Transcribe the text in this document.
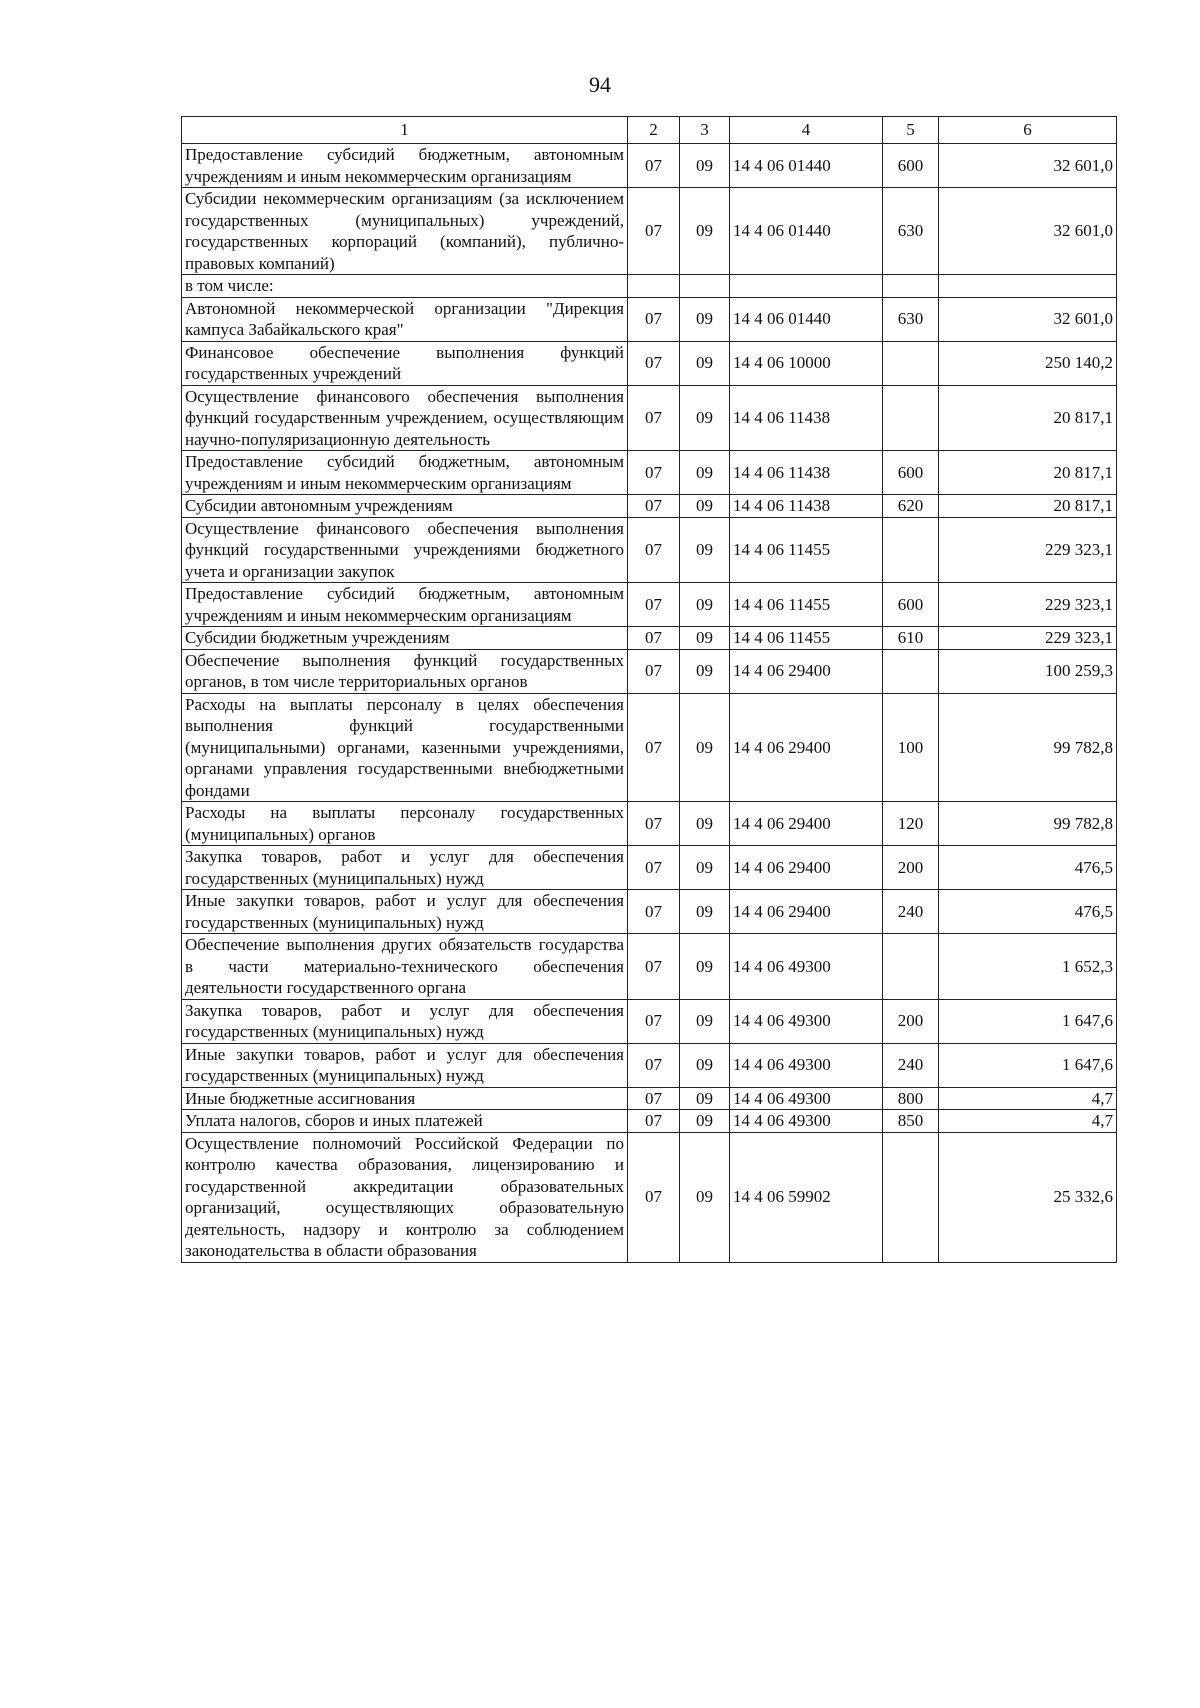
94
1	2	3	4	5	6
Предоставление субсидий бюджетным, автономным учреждениям и иным некоммерческим организациям	07	09	14 4 06 01440	600	32 601,0
Субсидии некоммерческим организациям (за исключением государственных (муниципальных) учреждений, государственных корпораций (компаний), публично-правовых компаний)	07	09	14 4 06 01440	630	32 601,0
в том числе:					
Автономной некоммерческой организации "Дирекция кампуса Забайкальского края"	07	09	14 4 06 01440	630	32 601,0
Финансовое обеспечение выполнения функций государственных учреждений	07	09	14 4 06 10000		250 140,2
Осуществление финансового обеспечения выполнения функций государственным учреждением, осуществляющим научно-популяризационную деятельность	07	09	14 4 06 11438		20 817,1
Предоставление субсидий бюджетным, автономным учреждениям и иным некоммерческим организациям	07	09	14 4 06 11438	600	20 817,1
Субсидии автономным учреждениям	07	09	14 4 06 11438	620	20 817,1
Осуществление финансового обеспечения выполнения функций государственными учреждениями бюджетного учета и организации закупок	07	09	14 4 06 11455		229 323,1
Предоставление субсидий бюджетным, автономным учреждениям и иным некоммерческим организациям	07	09	14 4 06 11455	600	229 323,1
Субсидии бюджетным учреждениям	07	09	14 4 06 11455	610	229 323,1
Обеспечение выполнения функций государственных органов, в том числе территориальных органов	07	09	14 4 06 29400		100 259,3
Расходы на выплаты персоналу в целях обеспечения выполнения функций государственными (муниципальными) органами, казенными учреждениями, органами управления государственными внебюджетными фондами	07	09	14 4 06 29400	100	99 782,8
Расходы на выплаты персоналу государственных (муниципальных) органов	07	09	14 4 06 29400	120	99 782,8
Закупка товаров, работ и услуг для обеспечения государственных (муниципальных) нужд	07	09	14 4 06 29400	200	476,5
Иные закупки товаров, работ и услуг для обеспечения государственных (муниципальных) нужд	07	09	14 4 06 29400	240	476,5
Обеспечение выполнения других обязательств государства в части материально-технического обеспечения деятельности государственного органа	07	09	14 4 06 49300		1 652,3
Закупка товаров, работ и услуг для обеспечения государственных (муниципальных) нужд	07	09	14 4 06 49300	200	1 647,6
Иные закупки товаров, работ и услуг для обеспечения государственных (муниципальных) нужд	07	09	14 4 06 49300	240	1 647,6
Иные бюджетные ассигнования	07	09	14 4 06 49300	800	4,7
Уплата налогов, сборов и иных платежей	07	09	14 4 06 49300	850	4,7
Осуществление полномочий Российской Федерации по контролю качества образования, лицензированию и государственной аккредитации образовательных организаций, осуществляющих образовательную деятельность, надзору и контролю за соблюдением законодательства в области образования	07	09	14 4 06 59902		25 332,6
